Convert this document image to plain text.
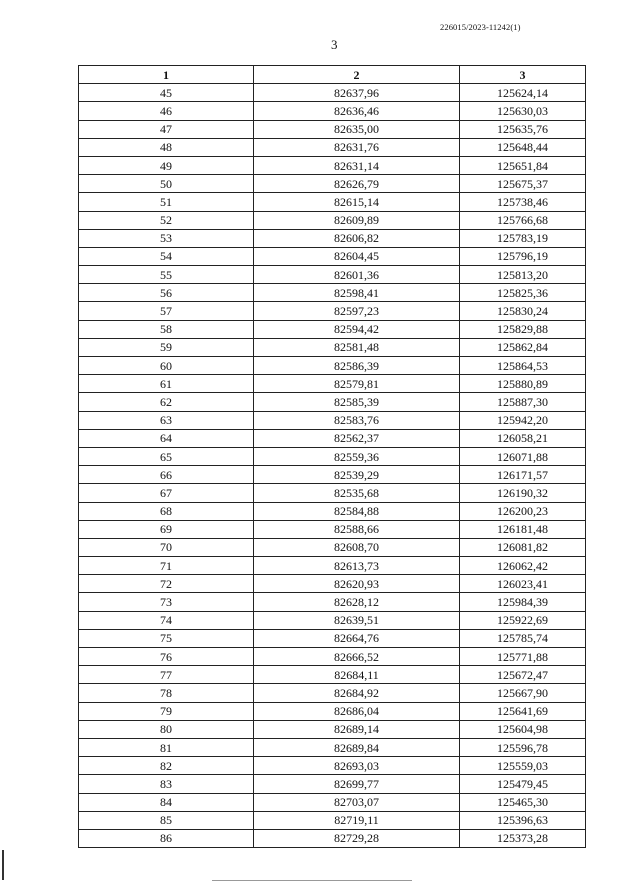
226015/2023-11242(1)
3
1	2	3
45	82637,96	125624,14
46	82636,46	125630,03
47	82635,00	125635,76
48	82631,76	125648,44
49	82631,14	125651,84
50	82626,79	125675,37
51	82615,14	125738,46
52	82609,89	125766,68
53	82606,82	125783,19
54	82604,45	125796,19
55	82601,36	125813,20
56	82598,41	125825,36
57	82597,23	125830,24
58	82594,42	125829,88
59	82581,48	125862,84
60	82586,39	125864,53
61	82579,81	125880,89
62	82585,39	125887,30
63	82583,76	125942,20
64	82562,37	126058,21
65	82559,36	126071,88
66	82539,29	126171,57
67	82535,68	126190,32
68	82584,88	126200,23
69	82588,66	126181,48
70	82608,70	126081,82
71	82613,73	126062,42
72	82620,93	126023,41
73	82628,12	125984,39
74	82639,51	125922,69
75	82664,76	125785,74
76	82666,52	125771,88
77	82684,11	125672,47
78	82684,92	125667,90
79	82686,04	125641,69
80	82689,14	125604,98
81	82689,84	125596,78
82	82693,03	125559,03
83	82699,77	125479,45
84	82703,07	125465,30
85	82719,11	125396,63
86	82729,28	125373,28
